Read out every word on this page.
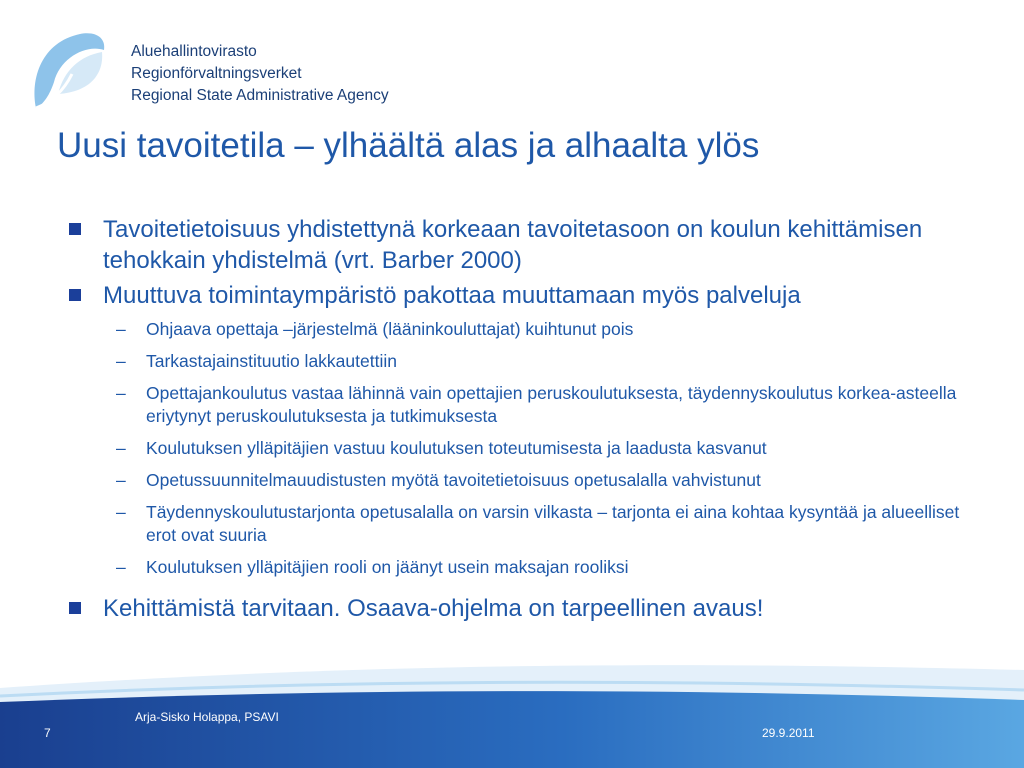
Aluehallintovirasto
Regionförvaltningsverket
Regional State Administrative Agency
Uusi tavoitetila – ylhäältä alas ja alhaalta ylös
Tavoitetietoisuus yhdistettynä korkeaan tavoitetasoon on koulun kehittämisen tehokkain yhdistelmä (vrt. Barber 2000)
Muuttuva toimintaympäristö pakottaa muuttamaan myös palveluja
– Ohjaava opettaja –järjestelmä (lääninkouluttajat) kuihtunut pois
– Tarkastajainstituutio lakkautettiin
– Opettajankoulutus vastaa lähinnä vain opettajien peruskoulutuksesta, täydennyskoulutus korkea-asteella eriytynyt peruskoulutuksesta ja tutkimuksesta
– Koulutuksen ylläpitäjien vastuu koulutuksen toteutumisesta ja laadusta kasvanut
– Opetussuunnitelmauudistusten myötä tavoitetietoisuus opetusalalla vahvistunut
– Täydennyskoulutustarjonta opetusalalla on varsin vilkasta – tarjonta ei aina kohtaa kysyntää ja alueelliset erot ovat suuria
– Koulutuksen ylläpitäjien rooli on jäänyt usein maksajan rooliksi
Kehittämistä tarvitaan. Osaava-ohjelma on tarpeellinen avaus!
Arja-Sisko Holappa, PSAVI
7	29.9.2011
